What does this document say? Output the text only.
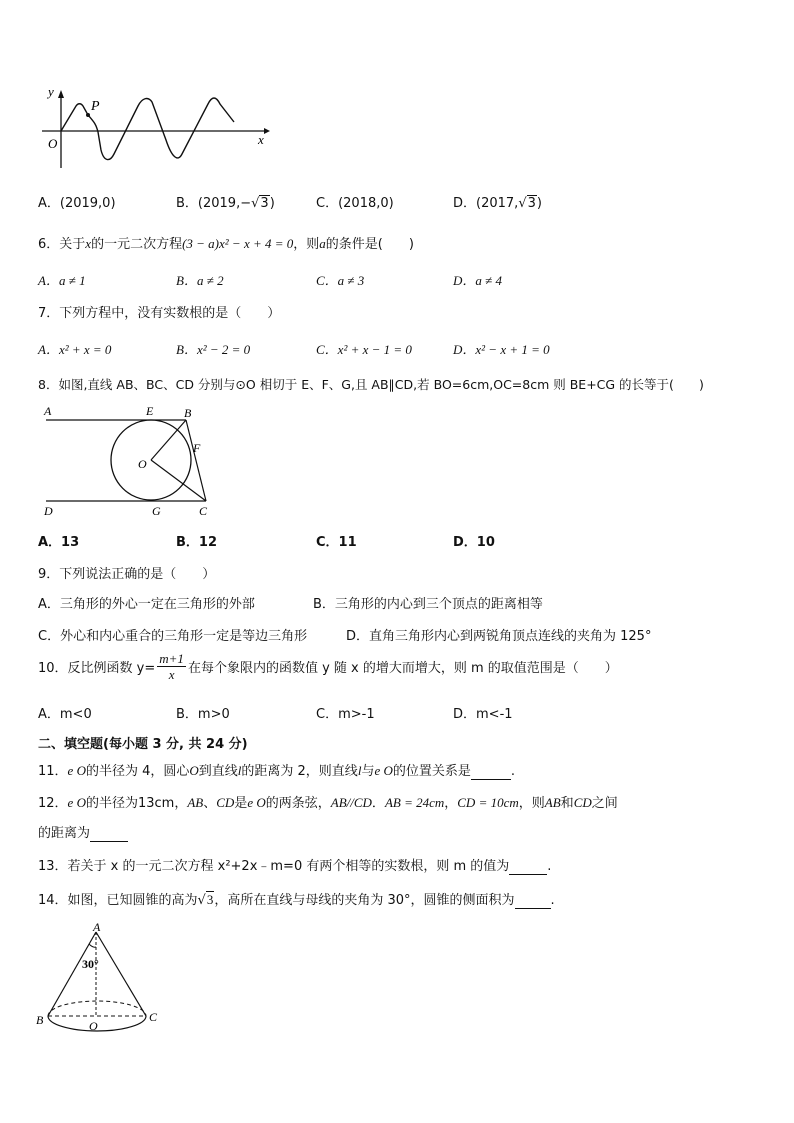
y
O	x
P
A．(2019,0)	B．(2019,−√3)	C．(2018,0)	D．(2017,√3)
6．关于x的一元二次方程(3 − a)x² − x + 4 = 0，则a的条件是(　　)
A．a ≠ 1	B．a ≠ 2	C．a ≠ 3	D．a ≠ 4
7．下列方程中，没有实数根的是（　　）
A．x² + x = 0	B．x² − 2 = 0	C．x² + x − 1 = 0	D．x² − x + 1 = 0
8．如图,直线 AB、BC、CD 分别与⊙O 相切于 E、F、G,且 AB∥CD,若 BO=6cm,OC=8cm 则 BE+CG 的长等于(　　)
A	E	B
F
O
D	G	C
A．13	B．12	C．11	D．10
9．下列说法正确的是（　　）
A．三角形的外心一定在三角形的外部	B．三角形的内心到三个顶点的距离相等
C．外心和内心重合的三角形一定是等边三角形	D．直角三角形内心到两锐角顶点连线的夹角为 125°
10．反比例函数 $y= \frac{m+1}{x}$ 在每个象限内的函数值 y 随 x 的增大而增大，则 m 的取值范围是（　　）
A．m<0	B．m>0	C．m>-1	D．m<-1
二、填空题(每小题 3 分, 共 24 分)
11．e O的半径为 4，圆心O到直线l的距离为 2，则直线l与e O的位置关系是	.
12．e O的半径为13cm，AB、CD是e O的两条弦，AB//CD．AB = 24cm，CD = 10cm，则AB和CD之间
的距离为
13．若关于 x 的一元二次方程 x²+2x﹣m=0 有两个相等的实数根，则 m 的值为	.
14．如图，已知圆锥的高为√3，高所在直线与母线的夹角为 30°，圆锥的侧面积为	.
A
30°
B	O
C
